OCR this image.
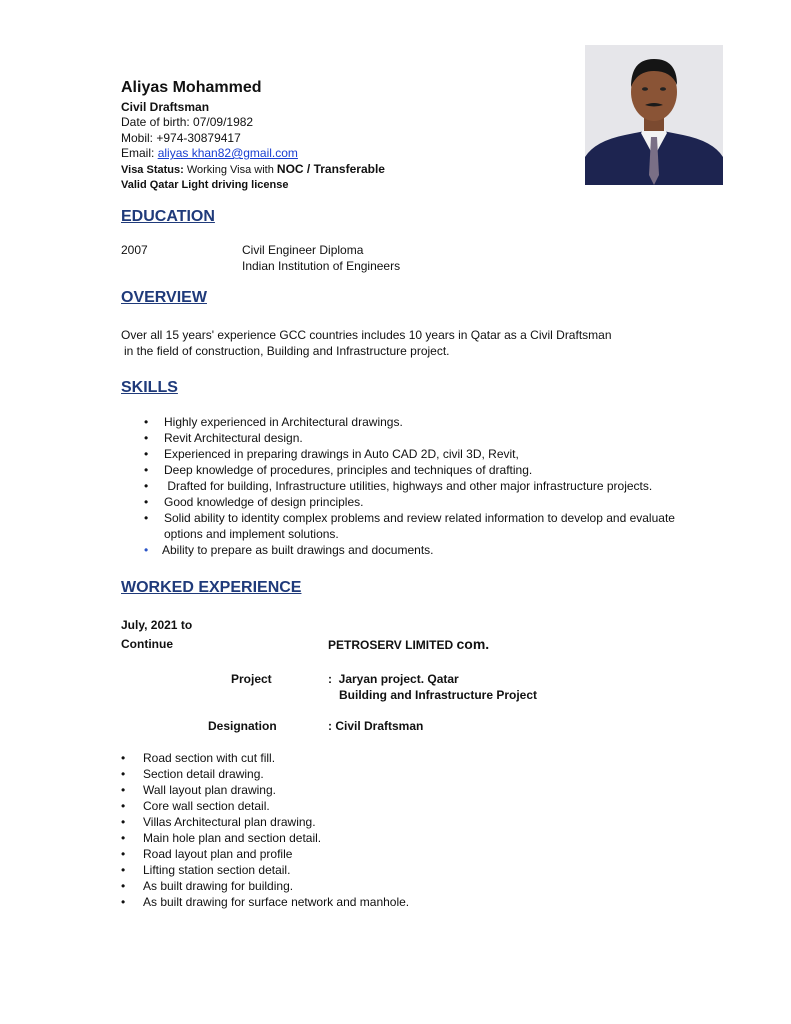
Aliyas Mohammed
Civil Draftsman
Date of birth: 07/09/1982
Mobil: +974-30879417
Email: aliyas khan82@gmail.com
Visa Status: Working Visa with NOC / Transferable
Valid Qatar Light driving license
EDUCATION
2007	Civil Engineer Diploma
Indian Institution of Engineers
OVERVIEW
Over all 15 years' experience GCC countries includes 10 years in Qatar as a Civil Draftsman
in the field of construction, Building and Infrastructure project.
SKILLS
• Highly experienced in Architectural drawings.
• Revit Architectural design.
• Experienced in preparing drawings in Auto CAD 2D, civil 3D, Revit,
• Deep knowledge of procedures, principles and techniques of drafting.
• Drafted for building, Infrastructure utilities, highways and other major infrastructure projects.
• Good knowledge of design principles.
• Solid ability to identity complex problems and review related information to develop and evaluate options and implement solutions.
• Ability to prepare as built drawings and documents.
WORKED EXPERIENCE
July, 2021 to
Continue	PETROSERV LIMITED com.
Project	:  Jaryan project. Qatar
Building and Infrastructure Project
Designation	: Civil Draftsman
• Road section with cut fill.
• Section detail drawing.
• Wall layout plan drawing.
• Core wall section detail.
• Villas Architectural plan drawing.
• Main hole plan and section detail.
• Road layout plan and profile
• Lifting station section detail.
• As built drawing for building.
• As built drawing for surface network and manhole.
